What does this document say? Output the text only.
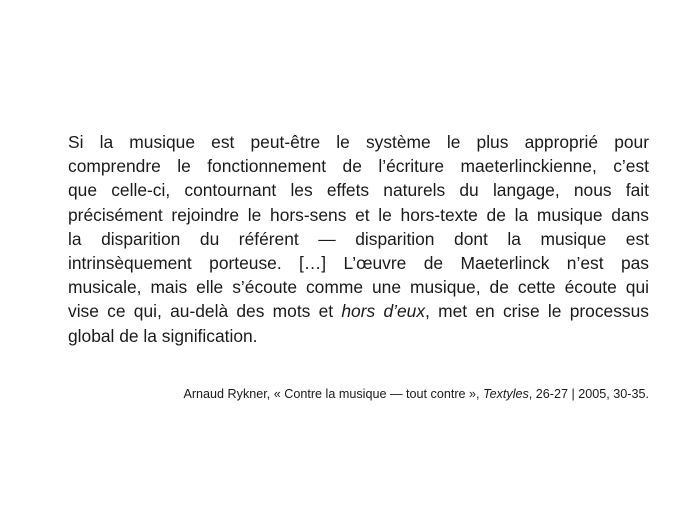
Si la musique est peut-être le système le plus approprié pour
comprendre le fonctionnement de l’écriture maeterlinckienne, c’est
que celle-ci, contournant les effets naturels du langage, nous fait
précisément rejoindre le hors-sens et le hors-texte de la musique dans
la disparition du référent — disparition dont la musique est
intrinsèquement porteuse. […] L’œuvre de Maeterlinck n’est pas
musicale, mais elle s’écoute comme une musique, de cette écoute qui
vise ce qui, au-delà des mots et hors d’eux, met en crise le processus
global de la signification.

Arnaud Rykner, « Contre la musique — tout contre », Textyles, 26-27 | 2005, 30-35.
